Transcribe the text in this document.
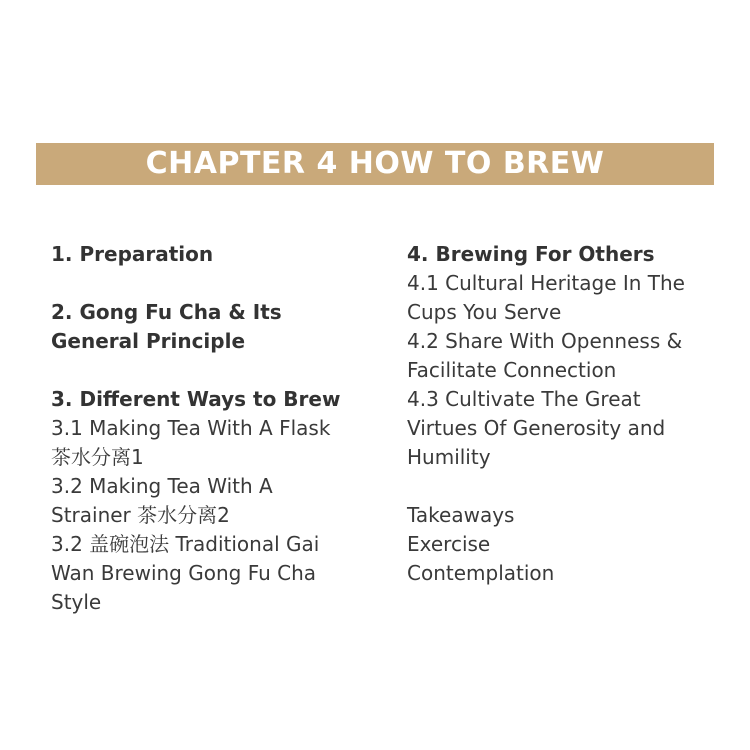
CHAPTER 4 HOW TO BREW
1. Preparation
2. Gong Fu Cha & Its
General Principle
3. Different Ways to Brew
3.1 Making Tea With A Flask
茶水分离1
3.2 Making Tea With A
Strainer 茶水分离2
3.2 盖碗泡法 Traditional Gai
Wan Brewing Gong Fu Cha
Style
4. Brewing For Others
4.1 Cultural Heritage In The
Cups You Serve
4.2 Share With Openness &
Facilitate Connection
4.3 Cultivate The Great
Virtues Of Generosity and
Humility
Takeaways
Exercise
Contemplation
